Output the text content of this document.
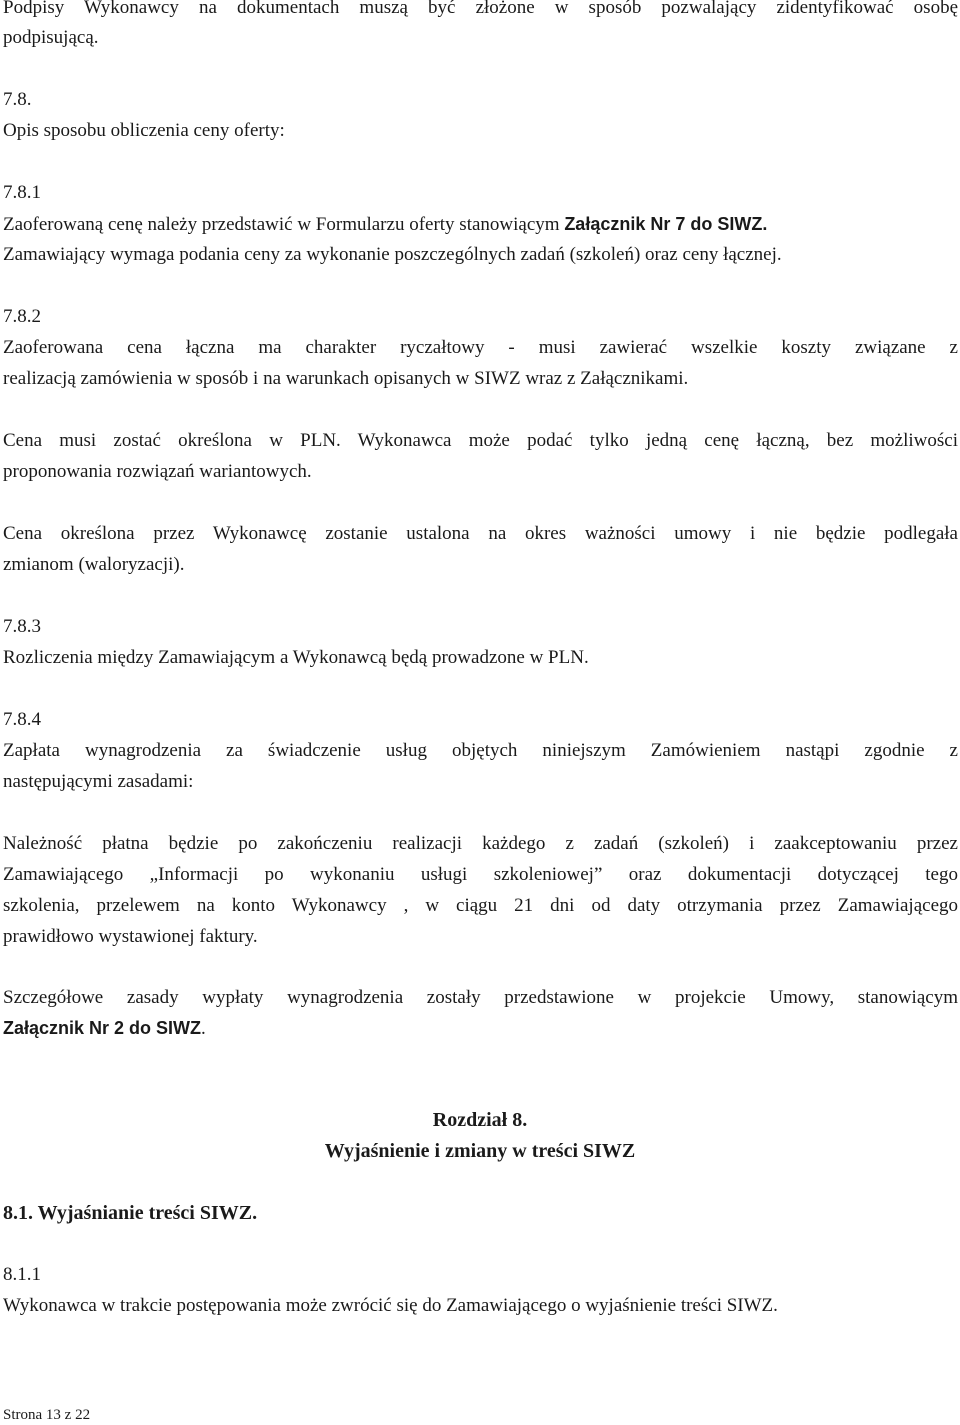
Podpisy Wykonawcy na dokumentach muszą być złożone w sposób pozwalający zidentyfikować osobę
podpisującą.
7.8.
Opis sposobu obliczenia ceny oferty:
7.8.1
Zaoferowaną cenę należy przedstawić w Formularzu oferty stanowiącym Załącznik Nr 7 do SIWZ.
Zamawiający wymaga podania ceny za wykonanie poszczególnych zadań (szkoleń) oraz ceny łącznej.
7.8.2
Zaoferowana cena łączna ma charakter ryczałtowy - musi zawierać wszelkie koszty związane z
realizacją zamówienia w sposób i na warunkach opisanych w SIWZ wraz z Załącznikami.
Cena musi zostać określona w PLN. Wykonawca może podać tylko jedną cenę łączną, bez możliwości
proponowania rozwiązań wariantowych.
Cena określona przez Wykonawcę zostanie ustalona na okres ważności umowy i nie będzie podlegała
zmianom (waloryzacji).
7.8.3
Rozliczenia między Zamawiającym a Wykonawcą będą prowadzone w PLN.
7.8.4
Zapłata wynagrodzenia za świadczenie usług objętych niniejszym Zamówieniem nastąpi zgodnie z
następującymi zasadami:
Należność płatna będzie po zakończeniu realizacji każdego z zadań (szkoleń) i zaakceptowaniu przez
Zamawiającego „Informacji po wykonaniu usługi szkoleniowej” oraz dokumentacji dotyczącej tego
szkolenia, przelewem na konto Wykonawcy , w ciągu 21 dni od daty otrzymania przez Zamawiającego
prawidłowo wystawionej faktury.
Szczegółowe zasady wypłaty wynagrodzenia zostały przedstawione w projekcie Umowy, stanowiącym
Załącznik Nr 2 do SIWZ.
Rozdział 8.
Wyjaśnienie i zmiany w treści SIWZ
8.1. Wyjaśnianie treści SIWZ.
8.1.1
Wykonawca w trakcie postępowania może zwrócić się do Zamawiającego o wyjaśnienie treści SIWZ.
Strona 13 z 22
